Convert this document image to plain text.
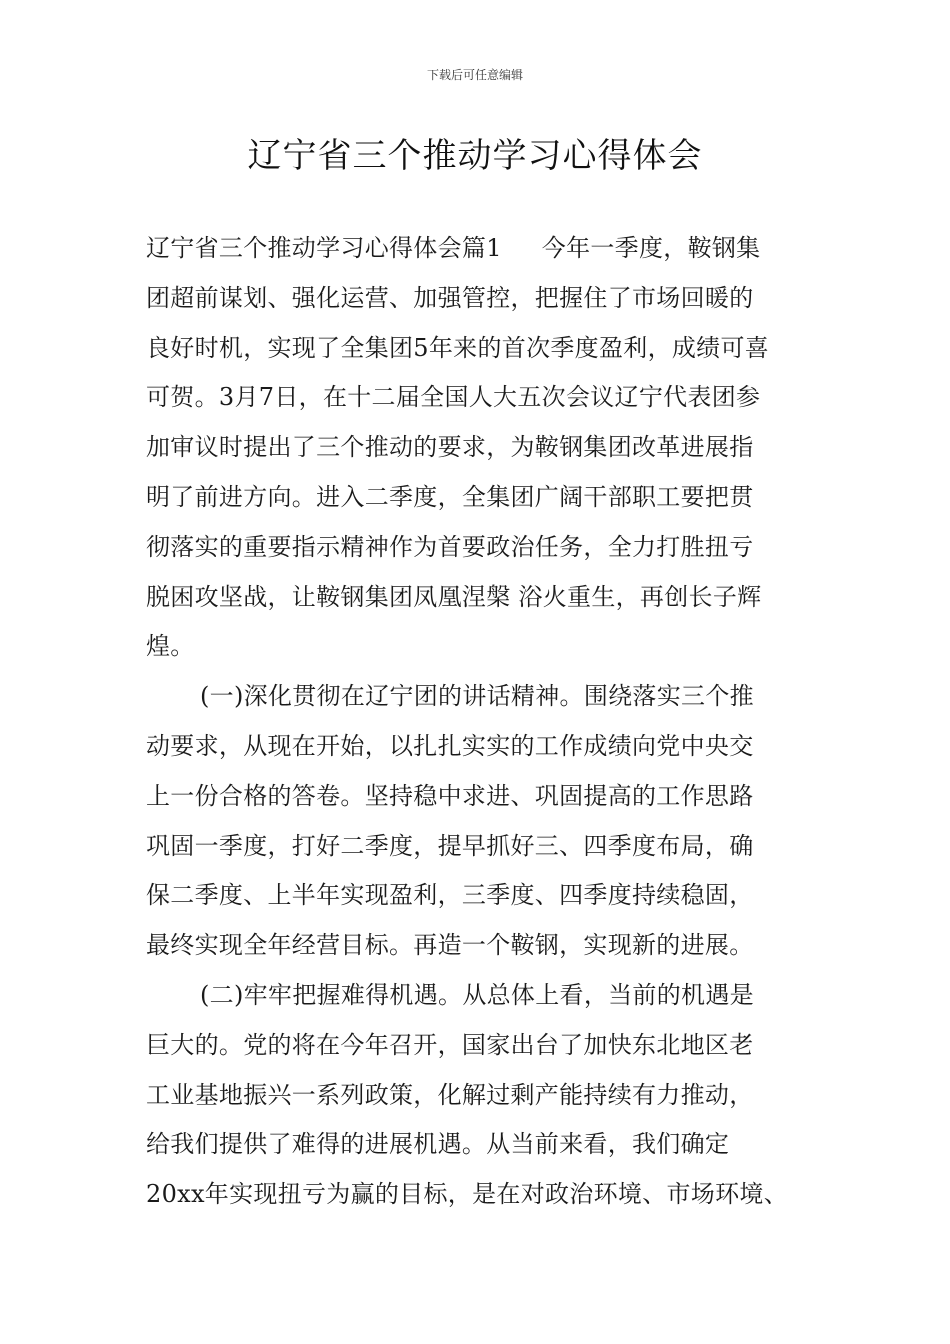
下载后可任意编辑
辽宁省三个推动学习心得体会
辽宁省三个推动学习心得体会篇1 今年一季度，鞍钢集
团超前谋划、强化运营、加强管控，把握住了市场回暖的
良好时机，实现了全集团5年来的首次季度盈利，成绩可喜
可贺。3月7日，在十二届全国人大五次会议辽宁代表团参
加审议时提出了三个推动的要求，为鞍钢集团改革进展指
明了前进方向。进入二季度，全集团广阔干部职工要把贯
彻落实的重要指示精神作为首要政治任务，全力打胜扭亏
脱困攻坚战，让鞍钢集团凤凰涅槃 浴火重生，再创长子辉
煌。
(一)深化贯彻在辽宁团的讲话精神。围绕落实三个推
动要求，从现在开始，以扎扎实实的工作成绩向党中央交
上一份合格的答卷。坚持稳中求进、巩固提高的工作思路
巩固一季度，打好二季度，提早抓好三、四季度布局，确
保二季度、上半年实现盈利，三季度、四季度持续稳固，
最终实现全年经营目标。再造一个鞍钢，实现新的进展。
(二)牢牢把握难得机遇。从总体上看，当前的机遇是
巨大的。党的将在今年召开，国家出台了加快东北地区老
工业基地振兴一系列政策，化解过剩产能持续有力推动，
给我们提供了难得的进展机遇。从当前来看，我们确定
20xx年实现扭亏为赢的目标，是在对政治环境、市场环境、
